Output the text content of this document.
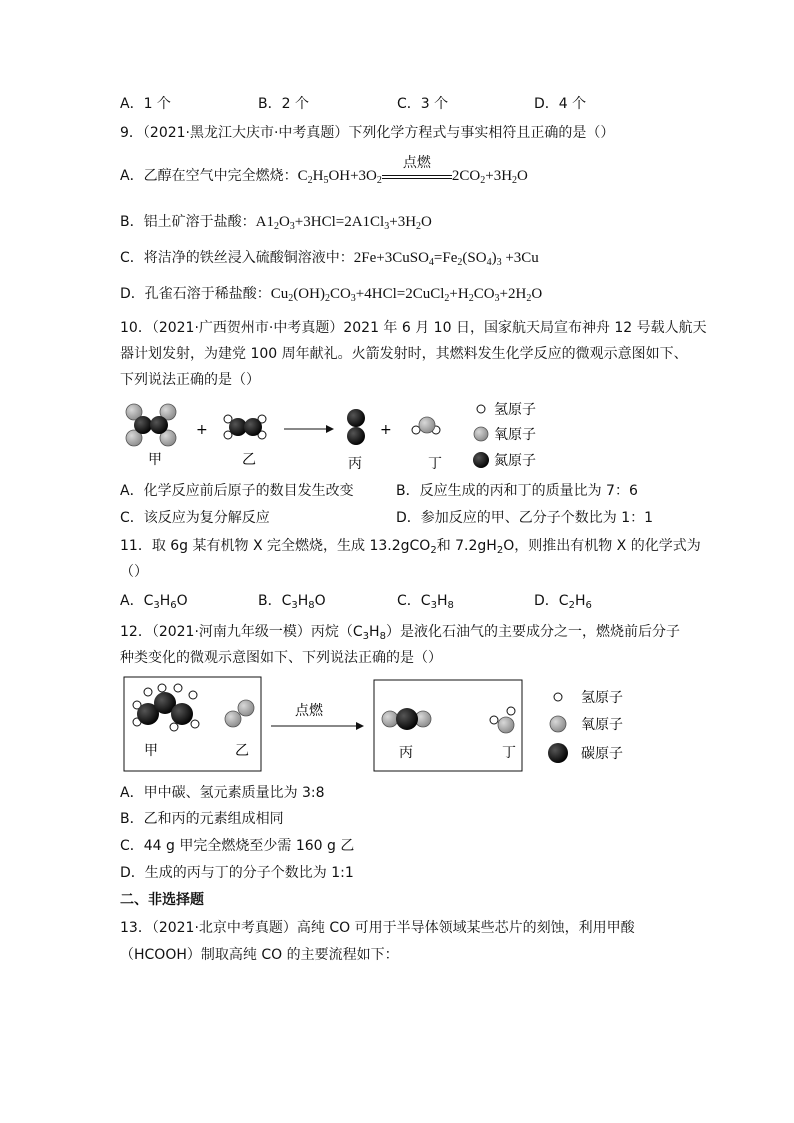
A．1 个	B．2 个	C．3 个	D．4 个
9．（2021·黑龙江大庆市·中考真题）下列化学方程式与事实相符且正确的是（）
A．乙醇在空气中完全燃烧：$C_2H_5OH+3O_2$
点燃
$2CO_2+3H_2O$
B．铝土矿溶于盐酸：$A1_2O_3+3HCl=2A1Cl_3+3H_2O$
C．将洁净的铁丝浸入硫酸铜溶液中：$2Fe+3CuSO_4=Fe_2(SO_4)_3 +3Cu$
D．孔雀石溶于稀盐酸：$Cu_2(OH)_2CO_3+4HCl=2CuCl_2+H_2CO_3+2H_2O$
10．（2021·广西贺州市·中考真题）2021 年 6 月 10 日，国家航天局宣布神舟 12 号载人航天
器计划发射，为建党 100 周年献礼。火箭发射时，其燃料发生化学反应的微观示意图如下、
下列说法正确的是（）
+	+
甲	乙	丙	丁
氢原子
氧原子
氮原子
A．化学反应前后原子的数目发生改变	B．反应生成的丙和丁的质量比为 7：6
C．该反应为复分解反应	D．参加反应的甲、乙分子个数比为 1：1
11．取 6g 某有机物 X 完全燃烧，生成 13.2gCO$_2$和 $7.2gH_2O$，则推出有机物 X 的化学式为
（）
A．$C_3H_6O$	B．$C_3H_8O$	C．$C_3H_8$	D．$C_2H_6$
12．（2021·河南九年级一模）丙烷$(C_3H_8)$是液化石油气的主要成分之一，燃烧前后分子
种类变化的微观示意图如下、下列说法正确的是（）
甲	乙
点燃
丙	丁
氢原子
氧原子
碳原子
A．甲中碳、氢元素质量比为 3:8
B．乙和丙的元素组成相同
C．44 g 甲完全燃烧至少需 160 g 乙
D．生成的丙与丁的分子个数比为 1:1
二、非选择题
13．（2021·北京中考真题）高纯 CO 可用于半导体领域某些芯片的刻蚀，利用甲酸
（HCOOH）制取高纯 CO 的主要流程如下：
